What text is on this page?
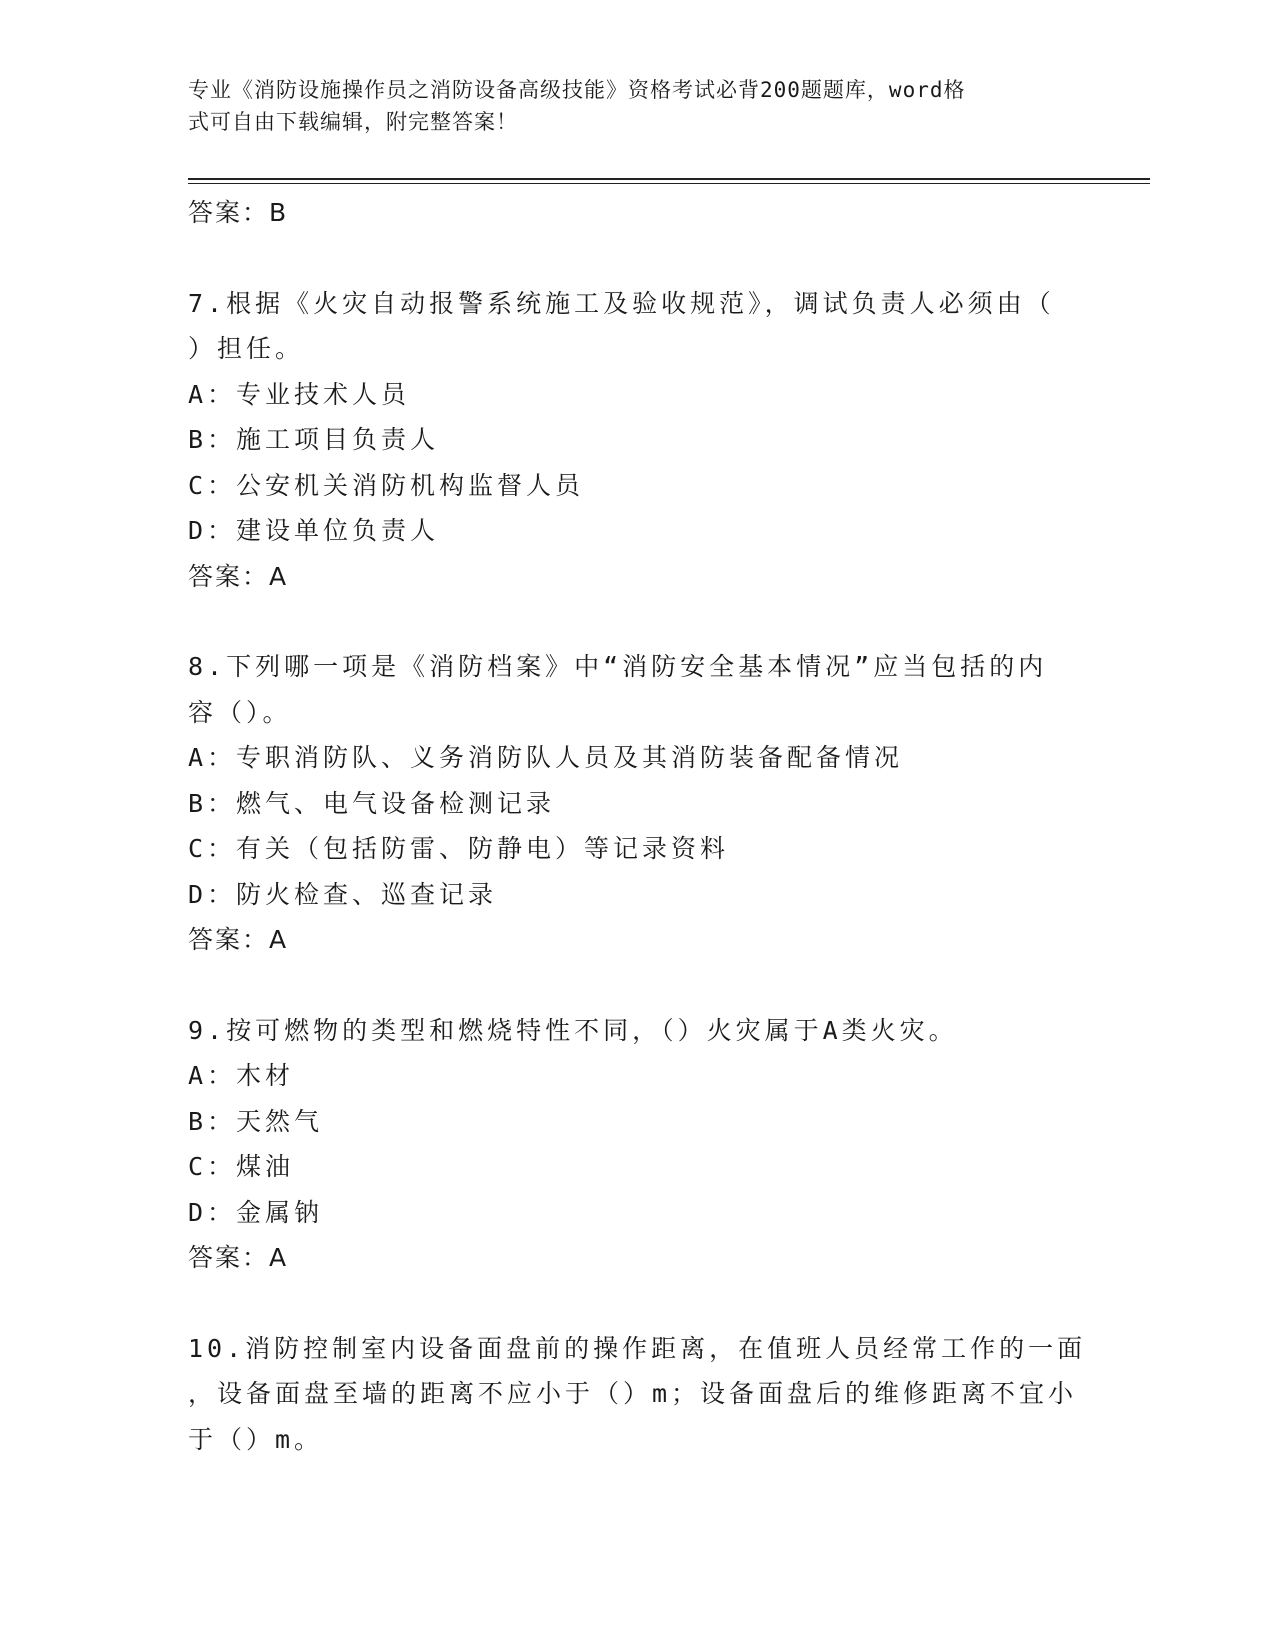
专业《消防设施操作员之消防设备高级技能》资格考试必背200题题库，word格
式可自由下载编辑，附完整答案！
答案：B
7.根据《火灾自动报警系统施工及验收规范》，调试负责人必须由（
）担任。
A：专业技术人员
B：施工项目负责人
C：公安机关消防机构监督人员
D：建设单位负责人
答案：A
8.下列哪一项是《消防档案》中“消防安全基本情况”应当包括的内
容（）。
A：专职消防队、义务消防队人员及其消防装备配备情况
B：燃气、电气设备检测记录
C：有关（包括防雷、防静电）等记录资料
D：防火检查、巡查记录
答案：A
9.按可燃物的类型和燃烧特性不同，（）火灾属于A类火灾。
A：木材
B：天然气
C：煤油
D：金属钠
答案：A
10.消防控制室内设备面盘前的操作距离，在值班人员经常工作的一面
，设备面盘至墙的距离不应小于（）m；设备面盘后的维修距离不宜小
于（）m。
